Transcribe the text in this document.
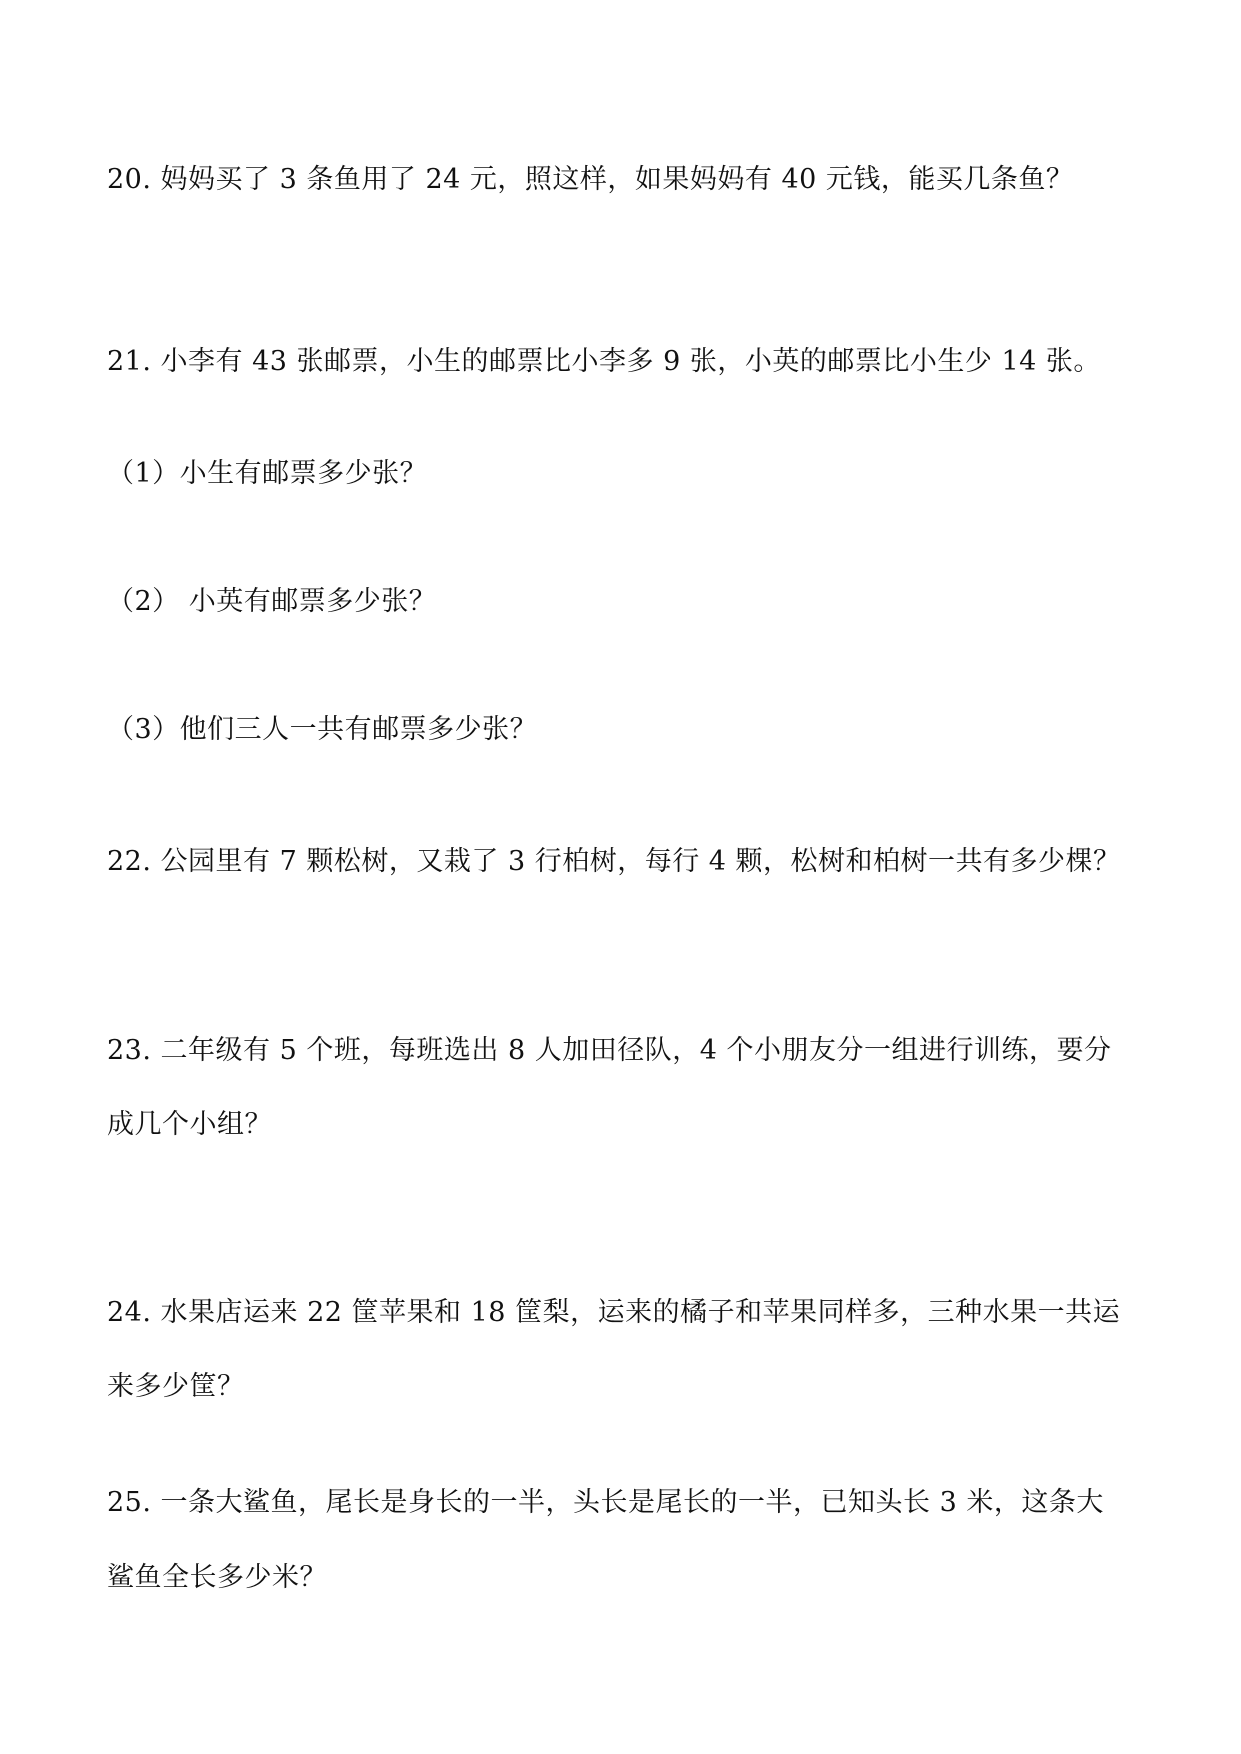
20. 妈妈买了 3 条鱼用了 24 元，照这样，如果妈妈有 40 元钱，能买几条鱼？
21. 小李有 43 张邮票，小生的邮票比小李多 9 张，小英的邮票比小生少 14 张。
（1）小生有邮票多少张？
（2） 小英有邮票多少张？
（3）他们三人一共有邮票多少张？
22. 公园里有 7 颗松树，又栽了 3 行柏树，每行 4 颗，松树和柏树一共有多少棵？
23. 二年级有 5 个班，每班选出 8 人加田径队，4 个小朋友分一组进行训练，要分
成几个小组？
24. 水果店运来 22 筐苹果和 18 筐梨，运来的橘子和苹果同样多，三种水果一共运
来多少筐？
25. 一条大鲨鱼，尾长是身长的一半，头长是尾长的一半，已知头长 3 米，这条大
鲨鱼全长多少米？
